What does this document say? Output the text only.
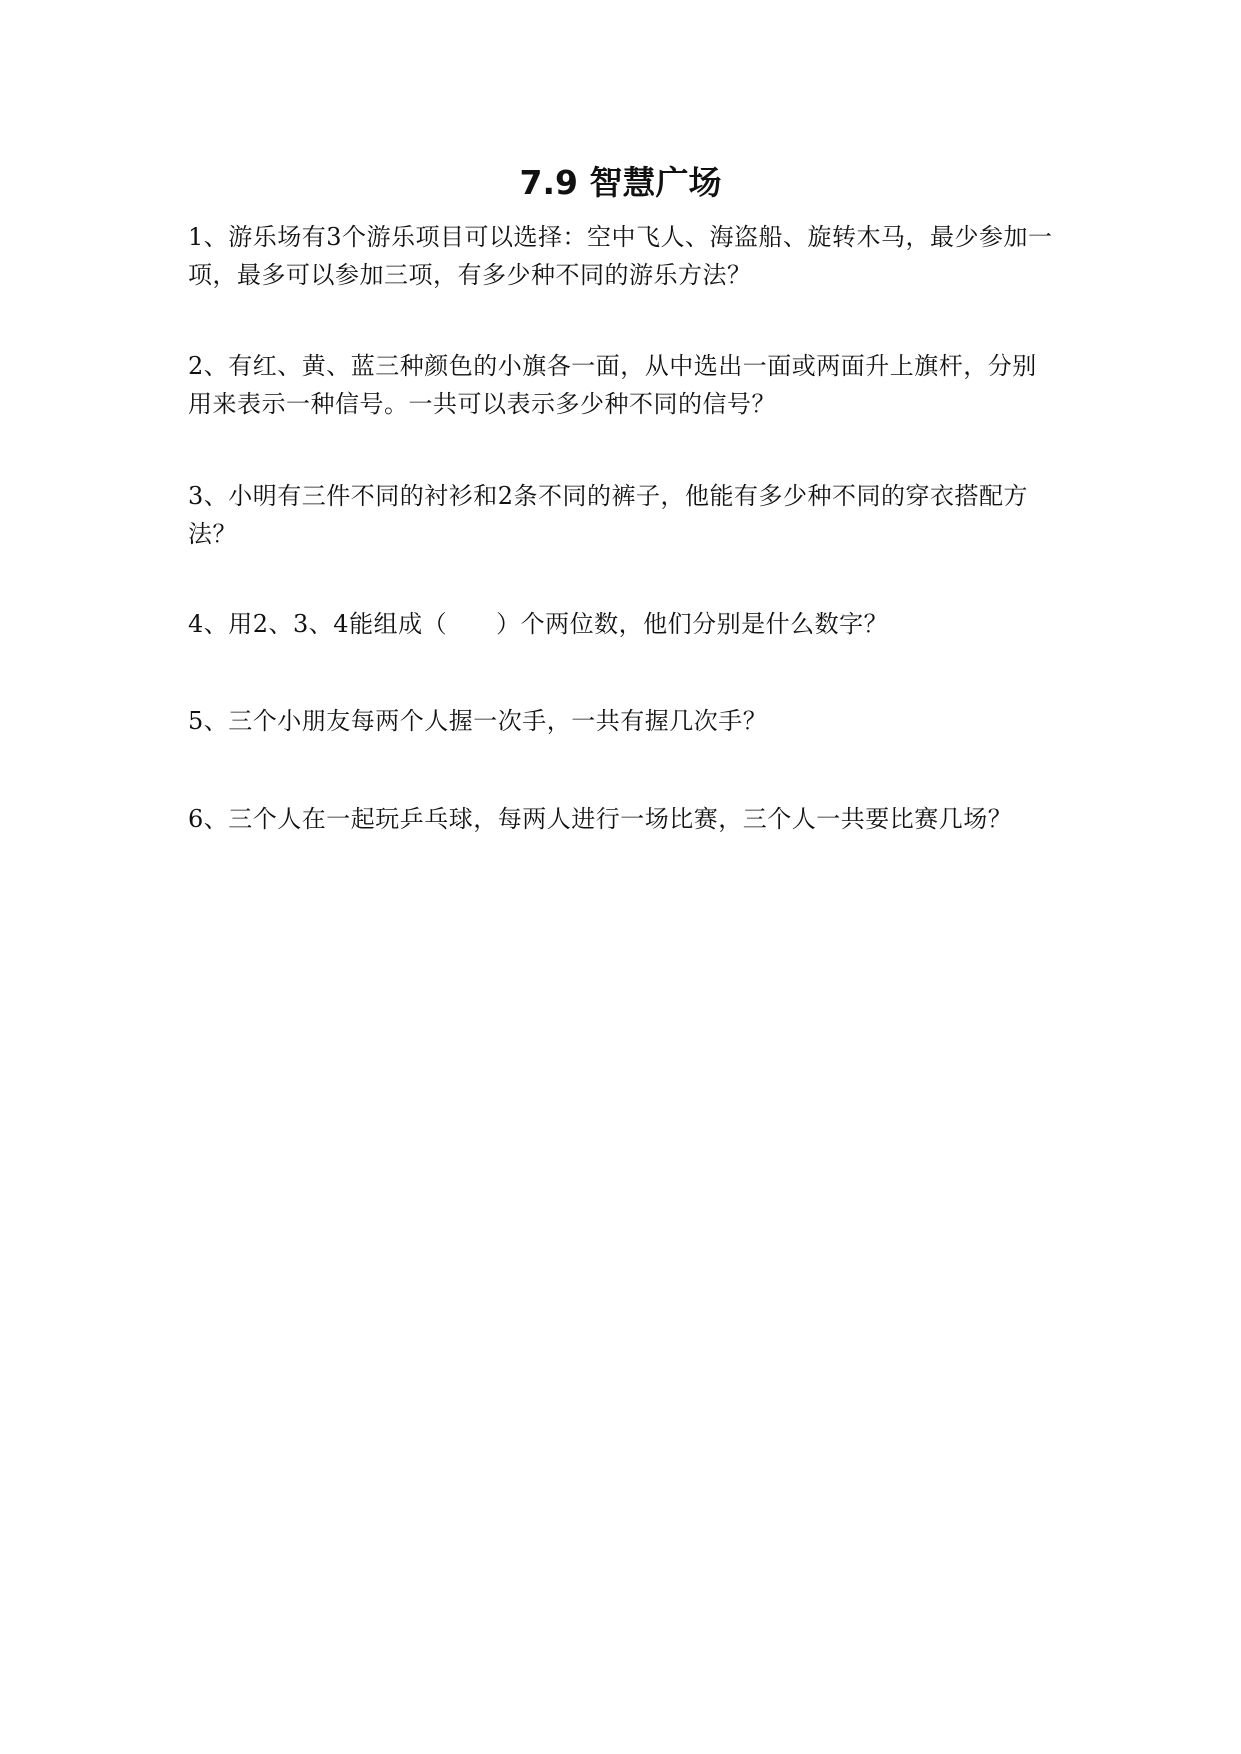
7.9 智慧广场

1、游乐场有3个游乐项目可以选择：空中飞人、海盗船、旋转木马，最少参加一项，最多可以参加三项，有多少种不同的游乐方法？

2、有红、黄、蓝三种颜色的小旗各一面，从中选出一面或两面升上旗杆，分别用来表示一种信号。一共可以表示多少种不同的信号？

3、小明有三件不同的衬衫和2条不同的裤子，他能有多少种不同的穿衣搭配方法？

4、用2、3、4能组成（　　）个两位数，他们分别是什么数字？

5、三个小朋友每两个人握一次手，一共有握几次手？

6、三个人在一起玩乒乓球，每两人进行一场比赛，三个人一共要比赛几场？
